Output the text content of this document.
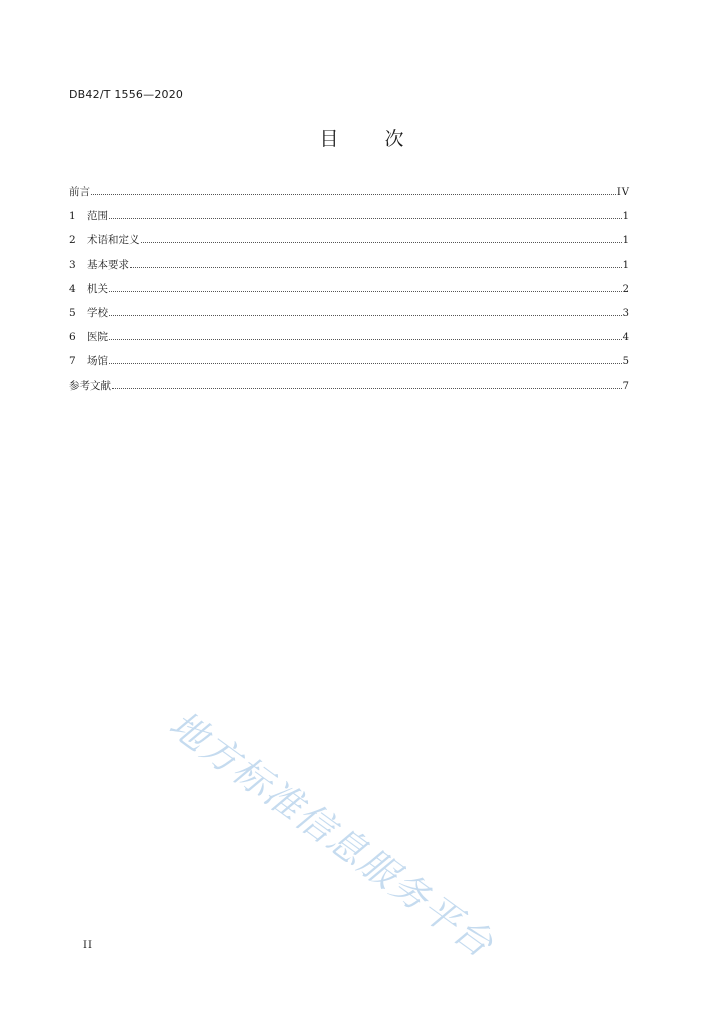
DB42/T 1556—2020
目 次
前言	IV
1	范围	1
2	术语和定义	1
3	基本要求	1
4	机关	2
5	学校	3
6	医院	4
7	场馆	5
参考文献	7
地方标准信息服务平台
II
